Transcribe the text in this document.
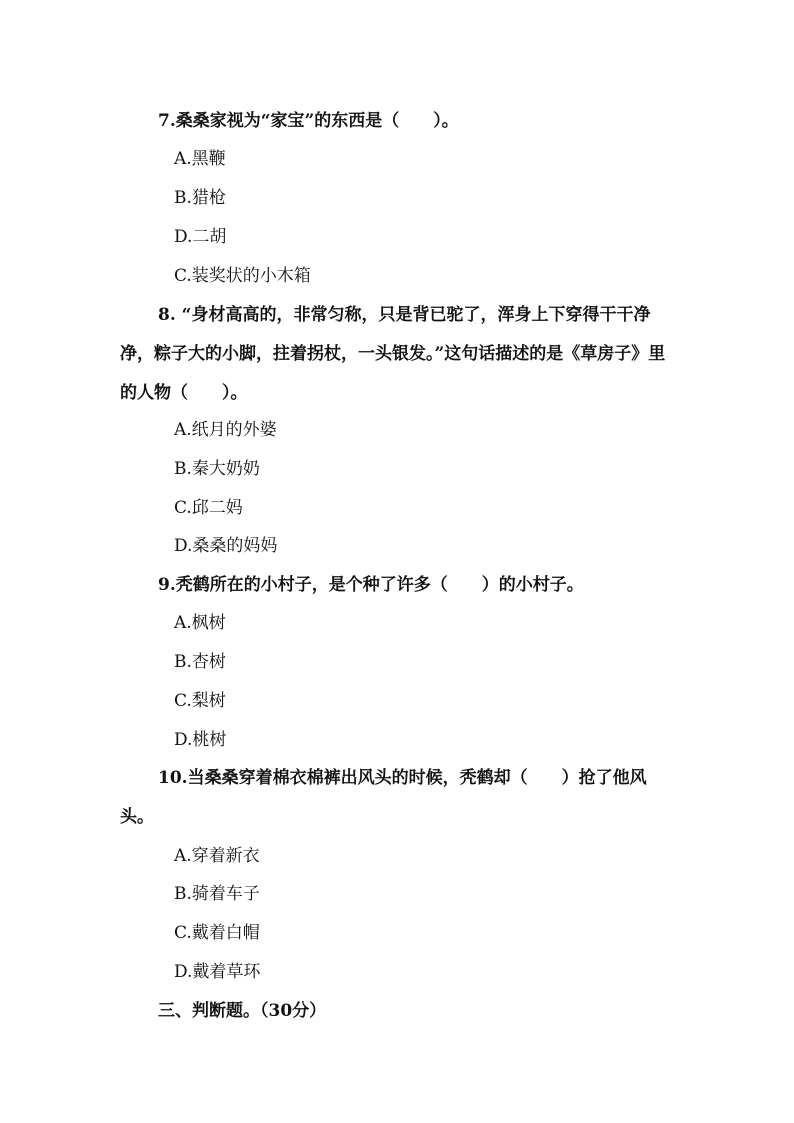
7.桑桑家视为“家宝”的东西是（　　）。
A.黑鞭
B.猎枪
D.二胡
C.装奖状的小木箱
8. “身材高高的，非常匀称，只是背已驼了，浑身上下穿得干干净净，粽子大的小脚，拄着拐杖，一头银发。”这句话描述的是《草房子》里的人物（　　）。
A.纸月的外婆
B.秦大奶奶
C.邱二妈
D.桑桑的妈妈
9.秃鹤所在的小村子，是个种了许多（　　）的小村子。
A.枫树
B.杏树
C.梨树
D.桃树
10.当桑桑穿着棉衣棉裤出风头的时候，秃鹤却（　　）抢了他风头。
A.穿着新衣
B.骑着车子
C.戴着白帽
D.戴着草环
三、判断题。（30分）
